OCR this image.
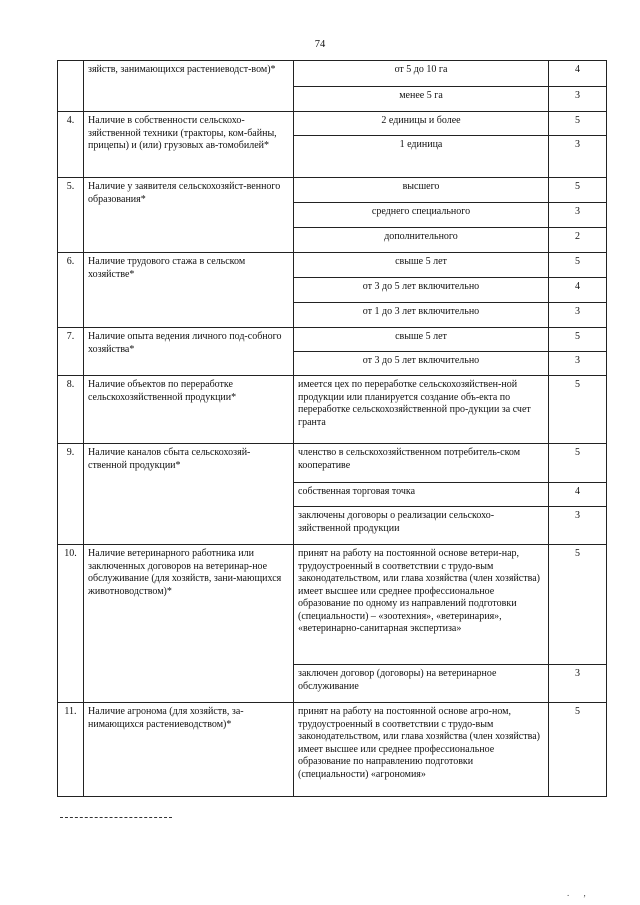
74
	зяйств, занимающихся растениеводст-вом)*	от 5 до 10 га	4
		менее 5 га	3
4.	Наличие в собственности сельскохо-зяйственной техники (тракторы, ком-байны, прицепы) и (или) грузовых ав-томобилей*	2 единицы и более	5
		1 единица	3
5.	Наличие у заявителя сельскохозяйст-венного образования*	высшего	5
		среднего специального	3
		дополнительного	2
6.	Наличие трудового стажа в сельском хозяйстве*	свыше 5 лет	5
		от 3 до 5 лет включительно	4
		от 1 до 3 лет включительно	3
7.	Наличие опыта ведения личного под-собного хозяйства*	свыше 5 лет	5
		от 3 до 5 лет включительно	3
8.	Наличие объектов по переработке сельскохозяйственной продукции*	имеется цех по переработке сельскохозяйствен-ной продукции или планируется создание объ-екта по переработке сельскохозяйственной про-дукции за счет гранта	5
9.	Наличие каналов сбыта сельскохозяй-ственной продукции*	членство в сельскохозяйственном потребитель-ском кооперативе	5
		собственная торговая точка	4
		заключены договоры о реализации сельскохо-зяйственной продукции	3
10.	Наличие ветеринарного работника или заключенных договоров на ветеринар-ное обслуживание (для хозяйств, зани-мающихся животноводством)*	принят на работу на постоянной основе ветери-нар, трудоустроенный в соответствии с трудо-вым законодательством, или глава хозяйства (член хозяйства) имеет высшее или среднее профессиональное образование по одному из направлений подготовки (специальности) – «зоотехния», «ветеринария», «ветеринарно-санитарная экспертиза»	5
		заключен договор (договоры) на ветеринарное обслуживание	3
11.	Наличие агронома (для хозяйств, за-нимающихся растениеводством)*	принят на работу на постоянной основе агро-ном, трудоустроенный в соответствии с трудо-вым законодательством, или глава хозяйства (член хозяйства) имеет высшее или среднее профессиональное образование по направлению подготовки (специальности) «агрономия»	5
. ,
